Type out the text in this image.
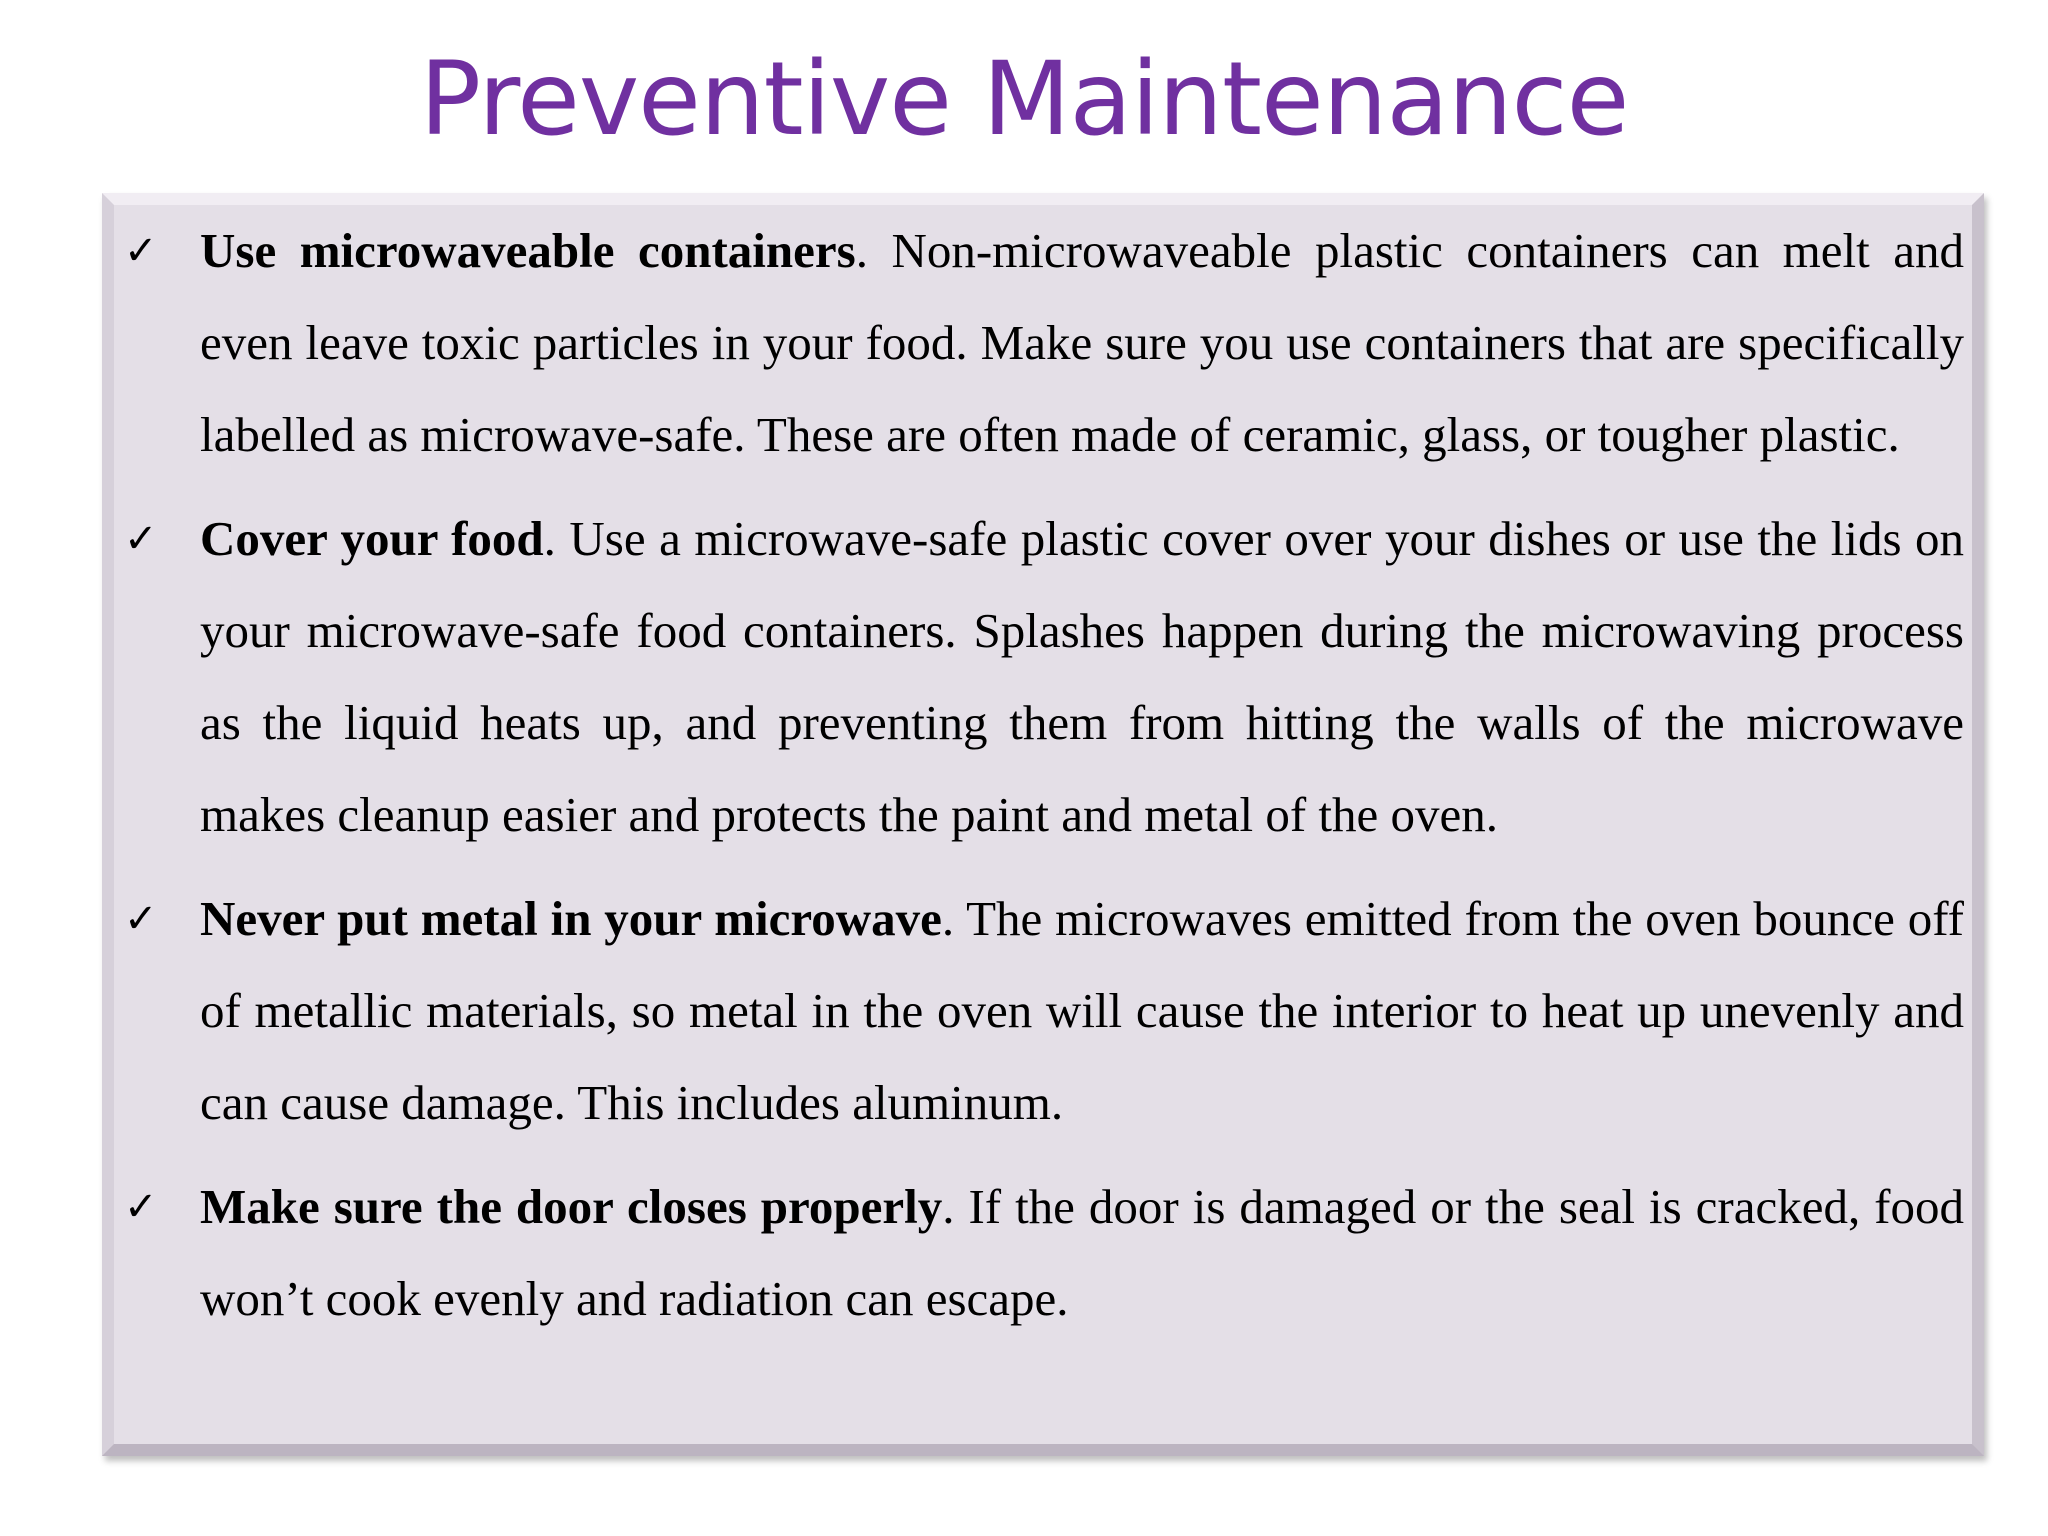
Preventive Maintenance
✓ Use microwaveable containers. Non-microwaveable plastic containers can melt and even leave toxic particles in your food. Make sure you use containers that are specifically labelled as microwave-safe. These are often made of ceramic, glass, or tougher plastic.

✓ Cover your food. Use a microwave-safe plastic cover over your dishes or use the lids on your microwave-safe food containers. Splashes happen during the microwaving process as the liquid heats up, and preventing them from hitting the walls of the microwave makes cleanup easier and protects the paint and metal of the oven.

✓ Never put metal in your microwave. The microwaves emitted from the oven bounce off of metallic materials, so metal in the oven will cause the interior to heat up unevenly and can cause damage. This includes aluminum.

✓ Make sure the door closes properly. If the door is damaged or the seal is cracked, food won’t cook evenly and radiation can escape.
